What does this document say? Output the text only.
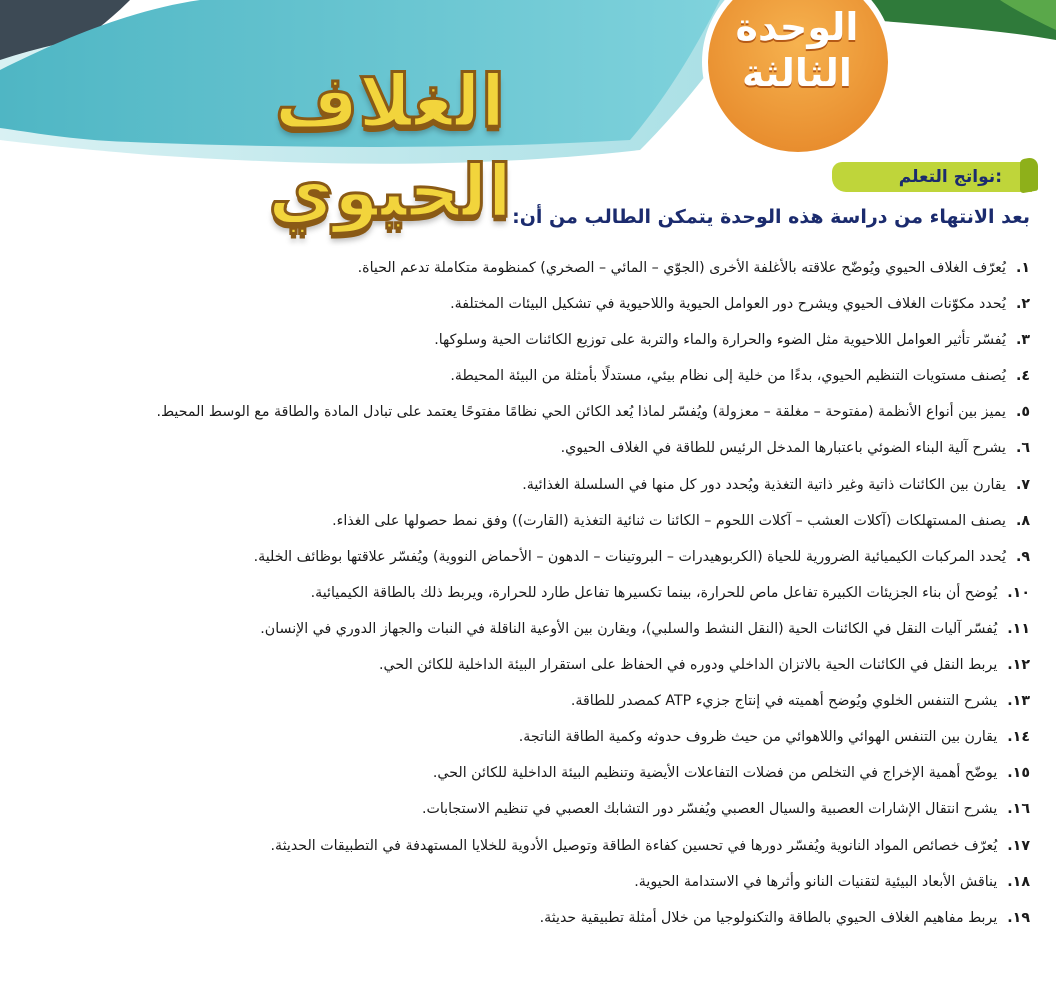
الوحدة
الثالثة
الغلاف الحيوي	نواتج التعلم:
بعد الانتهاء من دراسة هذه الوحدة يتمكن الطالب من أن:
١.يُعرّف الغلاف الحيوي ويُوضّح علاقته بالأغلفة الأخرى (الجوّي – المائي – الصخري) كمنظومة متكاملة تدعم الحياة.
٢.يُحدد مكوّنات الغلاف الحيوي ويشرح دور العوامل الحيوية واللاحيوية في تشكيل البيئات المختلفة.
٣.يُفسّر تأثير العوامل اللاحيوية مثل الضوء والحرارة والماء والتربة على توزيع الكائنات الحية وسلوكها.
٤.يُصنف مستويات التنظيم الحيوي، بدءًا من خلية إلى نظام بيئي، مستدلًا بأمثلة من البيئة المحيطة.
٥.يميز بين أنواع الأنظمة (مفتوحة – مغلقة – معزولة) ويُفسّر لماذا يُعد الكائن الحي نظامًا مفتوحًا يعتمد على تبادل المادة والطاقة مع الوسط المحيط.
٦.يشرح آلية البناء الضوئي باعتبارها المدخل الرئيس للطاقة في الغلاف الحيوي.
٧.يقارن بين الكائنات ذاتية وغير ذاتية التغذية ويُحدد دور كل منها في السلسلة الغذائية.
٨.يصنف المستهلكات (آكلات العشب – آكلات اللحوم – الكائنا ت ثنائية التغذية (القارت)) وفق نمط حصولها على الغذاء.
٩.يُحدد المركبات الكيميائية الضرورية للحياة (الكربوهيدرات – البروتينات – الدهون – الأحماض النووية) ويُفسّر علاقتها بوظائف الخلية.
١٠.يُوضح أن بناء الجزيئات الكبيرة تفاعل ماص للحرارة، بينما تكسيرها تفاعل طارد للحرارة، ويربط ذلك بالطاقة الكيميائية.
١١.يُفسّر آليات النقل في الكائنات الحية (النقل النشط والسلبي)، ويقارن بين الأوعية الناقلة في النبات والجهاز الدوري في الإنسان.
١٢.يربط النقل في الكائنات الحية بالاتزان الداخلي ودوره في الحفاظ على استقرار البيئة الداخلية للكائن الحي.
١٣.يشرح التنفس الخلوي ويُوضح أهميته في إنتاج جزيء ATP كمصدر للطاقة.
١٤.يقارن بين التنفس الهوائي واللاهوائي من حيث ظروف حدوثه وكمية الطاقة الناتجة.
١٥.يوضّح أهمية الإخراج في التخلص من فضلات التفاعلات الأيضية وتنظيم البيئة الداخلية للكائن الحي.
١٦.يشرح انتقال الإشارات العصبية والسيال العصبي ويُفسّر دور التشابك العصبي في تنظيم الاستجابات.
١٧.يُعرّف خصائص المواد النانوية ويُفسّر دورها في تحسين كفاءة الطاقة وتوصيل الأدوية للخلايا المستهدفة في التطبيقات الحديثة.
١٨.يناقش الأبعاد البيئية لتقنيات النانو وأثرها في الاستدامة الحيوية.
١٩.يربط مفاهيم الغلاف الحيوي بالطاقة والتكنولوجيا من خلال أمثلة تطبيقية حديثة.
